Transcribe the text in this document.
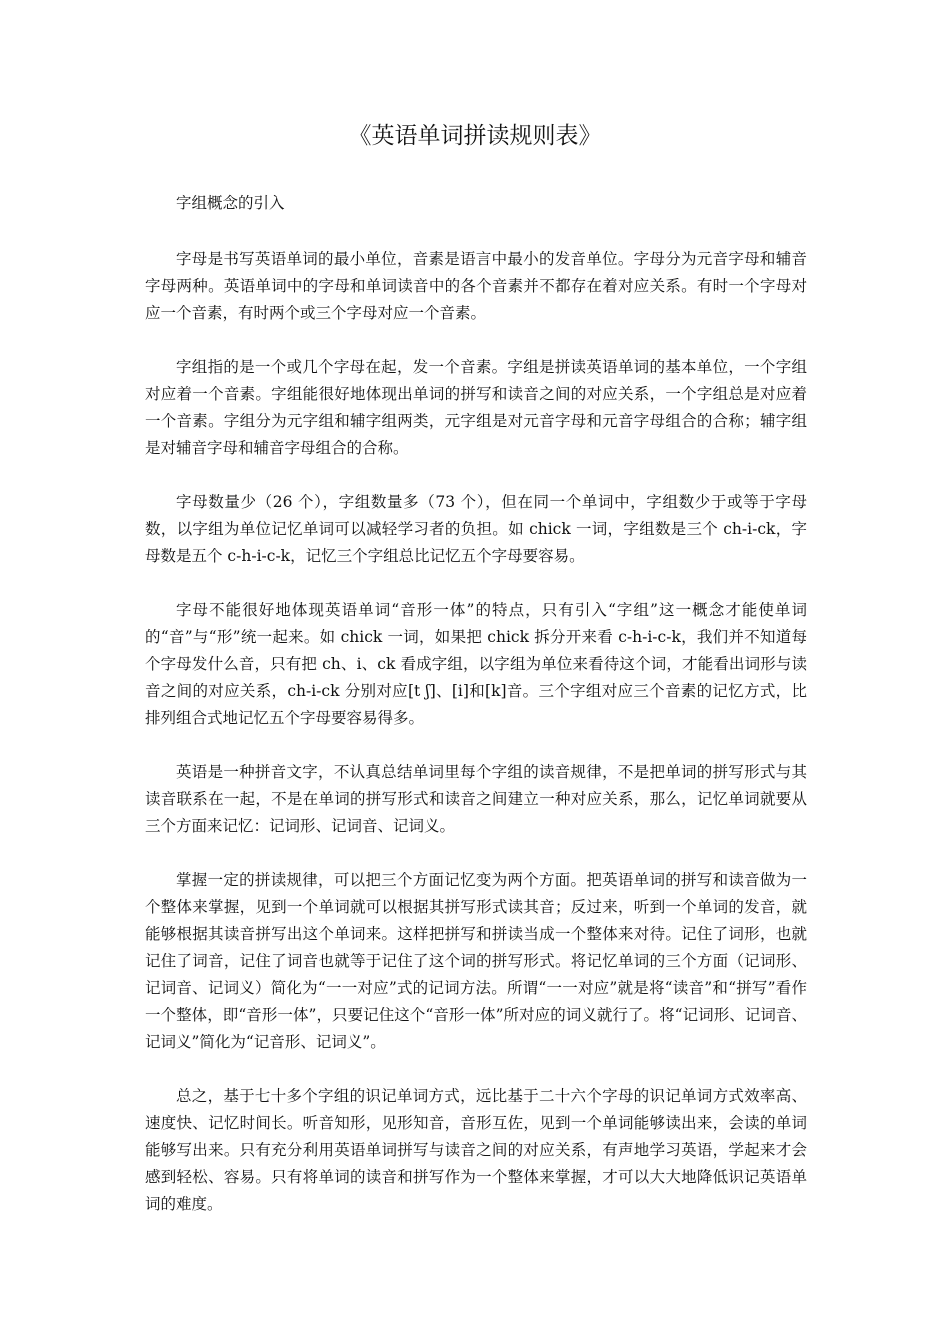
《英语单词拼读规则表》

字组概念的引入

字母是书写英语单词的最小单位，音素是语言中最小的发音单位。字母分为元音字母和辅音字母两种。英语单词中的字母和单词读音中的各个音素并不都存在着对应关系。有时一个字母对应一个音素，有时两个或三个字母对应一个音素。

字组指的是一个或几个字母在起，发一个音素。字组是拼读英语单词的基本单位，一个字组对应着一个音素。字组能很好地体现出单词的拼写和读音之间的对应关系，一个字组总是对应着一个音素。字组分为元字组和辅字组两类，元字组是对元音字母和元音字母组合的合称；辅字组是对辅音字母和辅音字母组合的合称。

字母数量少（26 个），字组数量多（73 个），但在同一个单词中，字组数少于或等于字母数，以字组为单位记忆单词可以减轻学习者的负担。如 chick 一词，字组数是三个 ch-i-ck，字母数是五个 c-h-i-c-k，记忆三个字组总比记忆五个字母要容易。

字母不能很好地体现英语单词“音形一体”的特点，只有引入“字组”这一概念才能使单词的“音”与“形”统一起来。如 chick 一词，如果把 chick 拆分开来看 c-h-i-c-k，我们并不知道每个字母发什么音，只有把 ch、i、ck 看成字组，以字组为单位来看待这个词，才能看出词形与读音之间的对应关系，ch-i-ck 分别对应[t ʃ]、[i]和[k]音。三个字组对应三个音素的记忆方式，比排列组合式地记忆五个字母要容易得多。

英语是一种拼音文字，不认真总结单词里每个字组的读音规律，不是把单词的拼写形式与其读音联系在一起，不是在单词的拼写形式和读音之间建立一种对应关系，那么，记忆单词就要从三个方面来记忆：记词形、记词音、记词义。

掌握一定的拼读规律，可以把三个方面记忆变为两个方面。把英语单词的拼写和读音做为一个整体来掌握，见到一个单词就可以根据其拼写形式读其音；反过来，听到一个单词的发音，就能够根据其读音拼写出这个单词来。这样把拼写和拼读当成一个整体来对待。记住了词形，也就记住了词音，记住了词音也就等于记住了这个词的拼写形式。将记忆单词的三个方面（记词形、记词音、记词义）简化为“一一对应”式的记词方法。所谓“一一对应”就是将“读音”和“拼写”看作一个整体，即“音形一体”，只要记住这个“音形一体”所对应的词义就行了。将“记词形、记词音、记词义”简化为“记音形、记词义”。

总之，基于七十多个字组的识记单词方式，远比基于二十六个字母的识记单词方式效率高、速度快、记忆时间长。听音知形，见形知音，音形互佐，见到一个单词能够读出来，会读的单词能够写出来。只有充分利用英语单词拼写与读音之间的对应关系，有声地学习英语，学起来才会感到轻松、容易。只有将单词的读音和拼写作为一个整体来掌握，才可以大大地降低识记英语单词的难度。
